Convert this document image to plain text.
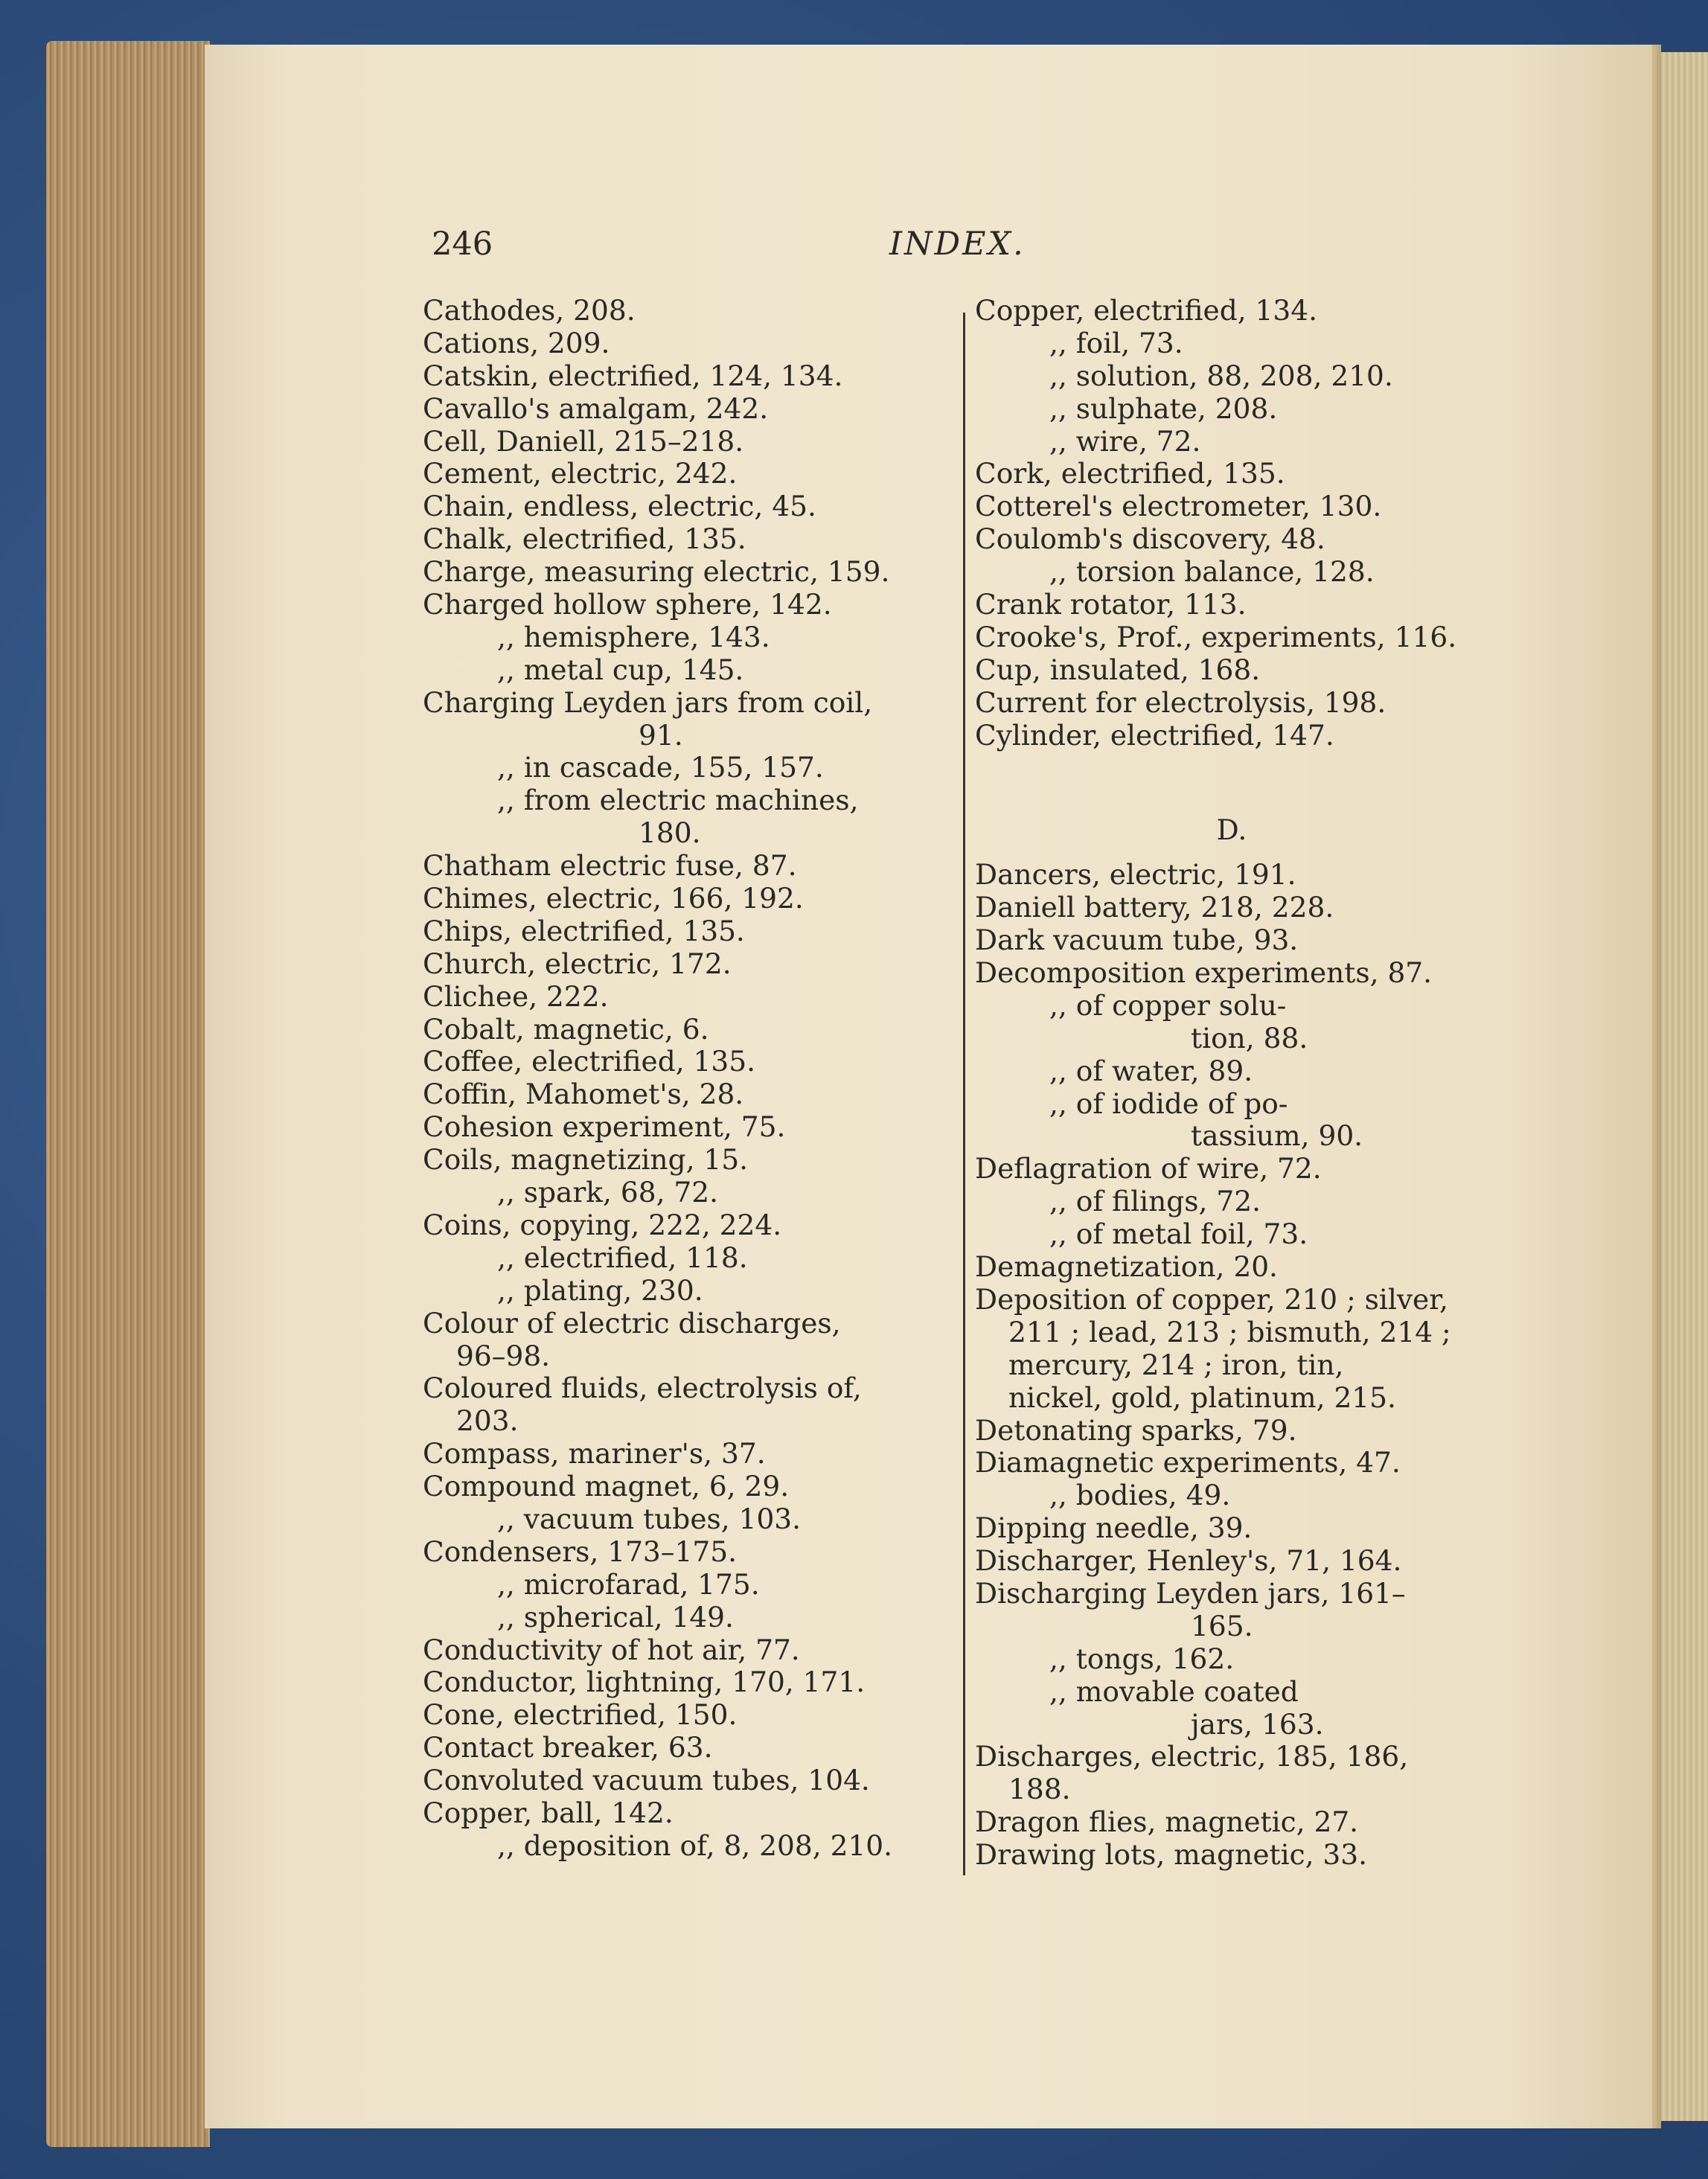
246	INDEX.
Cathodes, 208.
Cations, 209.
Catskin, electrified, 124, 134.
Cavallo's amalgam, 242.
Cell, Daniell, 215–218.
Cement, electric, 242.
Chain, endless, electric, 45.
Chalk, electrified, 135.
Charge, measuring electric, 159.
Charged hollow sphere, 142.
,, hemisphere, 143.
,, metal cup, 145.
Charging Leyden jars from coil,
91.
,, in cascade, 155, 157.
,, from electric machines,
180.
Chatham electric fuse, 87.
Chimes, electric, 166, 192.
Chips, electrified, 135.
Church, electric, 172.
Clichee, 222.
Cobalt, magnetic, 6.
Coffee, electrified, 135.
Coffin, Mahomet's, 28.
Cohesion experiment, 75.
Coils, magnetizing, 15.
,, spark, 68, 72.
Coins, copying, 222, 224.
,, electrified, 118.
,, plating, 230.
Colour of electric discharges,
96–98.
Coloured fluids, electrolysis of,
203.
Compass, mariner's, 37.
Compound magnet, 6, 29.
,, vacuum tubes, 103.
Condensers, 173–175.
,, microfarad, 175.
,, spherical, 149.
Conductivity of hot air, 77.
Conductor, lightning, 170, 171.
Cone, electrified, 150.
Contact breaker, 63.
Convoluted vacuum tubes, 104.
Copper, ball, 142.
,, deposition of, 8, 208, 210.
Copper, electrified, 134.
,, foil, 73.
,, solution, 88, 208, 210.
,, sulphate, 208.
,, wire, 72.
Cork, electrified, 135.
Cotterel's electrometer, 130.
Coulomb's discovery, 48.
,, torsion balance, 128.
Crank rotator, 113.
Crooke's, Prof., experiments, 116.
Cup, insulated, 168.
Current for electrolysis, 198.
Cylinder, electrified, 147.
D.
Dancers, electric, 191.
Daniell battery, 218, 228.
Dark vacuum tube, 93.
Decomposition experiments, 87.
,, of copper solu-
tion, 88.
,, of water, 89.
,, of iodide of po-
tassium, 90.
Deflagration of wire, 72.
,, of filings, 72.
,, of metal foil, 73.
Demagnetization, 20.
Deposition of copper, 210 ; silver,
211 ; lead, 213 ; bismuth, 214 ;
mercury, 214 ; iron, tin,
nickel, gold, platinum, 215.
Detonating sparks, 79.
Diamagnetic experiments, 47.
,, bodies, 49.
Dipping needle, 39.
Discharger, Henley's, 71, 164.
Discharging Leyden jars, 161–
165.
,, tongs, 162.
,, movable coated
jars, 163.
Discharges, electric, 185, 186,
188.
Dragon flies, magnetic, 27.
Drawing lots, magnetic, 33.
